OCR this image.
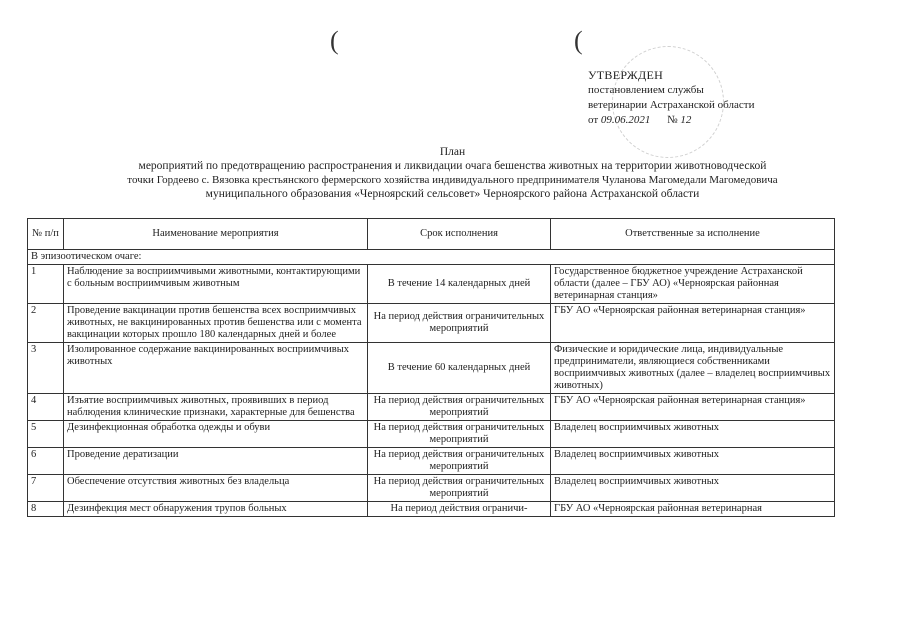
(	(
УТВЕРЖДЕН
постановлением службы
ветеринарии Астраханской области
от 09.06.2021 № 12
План
мероприятий по предотвращению распространения и ликвидации очага бешенства животных на территории животноводческой
точки Гордеево с. Вязовка крестьянского фермерского хозяйства индивидуального предпринимателя Чуланова Магомедали Магомедовича
муниципального образования «Черноярский сельсовет» Черноярского района Астраханской области
№ п/п	Наименование мероприятия	Срок исполнения	Ответственные за исполнение
В эпизоотическом очаге:			
1	Наблюдение за восприимчивыми животными, контактирующими с больным восприимчивым животным	В течение 14 календарных дней	Государственное бюджетное учреждение Астраханской области (далее – ГБУ АО) «Черноярская районная ветеринарная станция»
2	Проведение вакцинации против бешенства всех восприимчивых животных, не вакцинированных против бешенства или с момента вакцинации которых прошло 180 календарных дней и более	На период действия ограничительных мероприятий	ГБУ АО «Черноярская районная ветеринарная станция»
3	Изолированное содержание вакцинированных восприимчивых животных	В течение 60 календарных дней	Физические и юридические лица, индивидуальные предприниматели, являющиеся собственниками восприимчивых животных (далее – владелец восприимчивых животных)
4	Изъятие восприимчивых животных, проявивших в период наблюдения клинические признаки, характерные для бешенства	На период действия ограничительных мероприятий	ГБУ АО «Черноярская районная ветеринарная станция»
5	Дезинфекционная обработка одежды и обуви	На период действия ограничительных мероприятий	Владелец восприимчивых животных
6	Проведение дератизации	На период действия ограничительных мероприятий	Владелец восприимчивых животных
7	Обеспечение отсутствия животных без владельца	На период действия ограничительных мероприятий	Владелец восприимчивых животных
8	Дезинфекция мест обнаружения трупов больных	На период действия ограничи-	ГБУ АО «Черноярская районная ветеринарная
